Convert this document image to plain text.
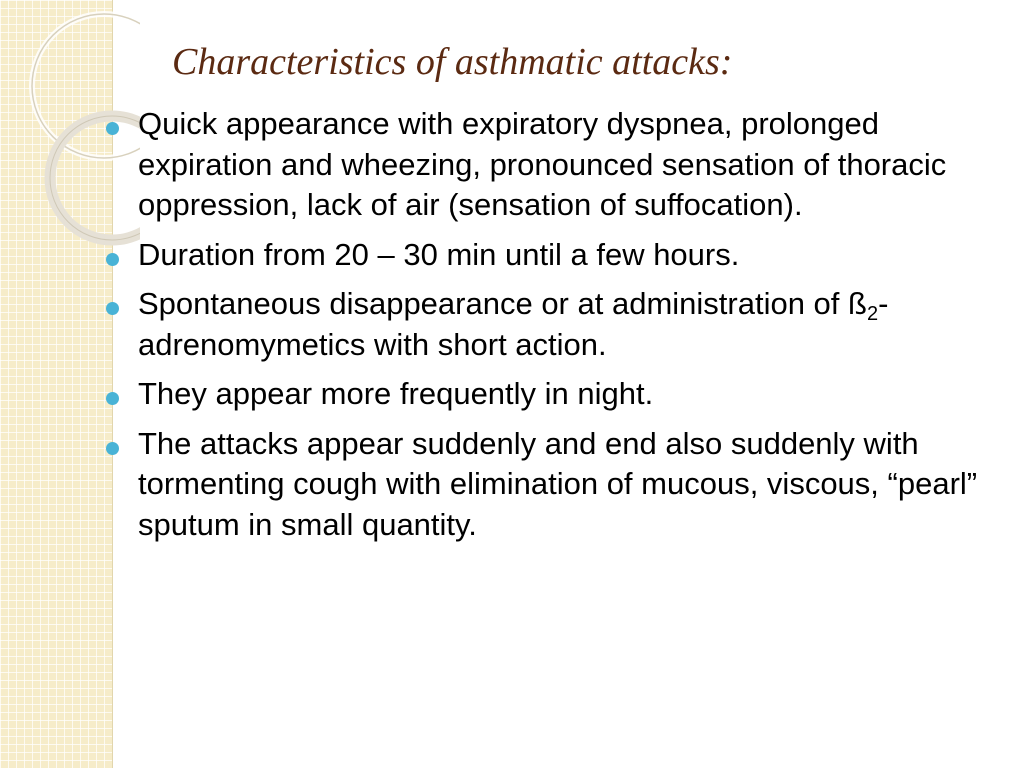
Characteristics of asthmatic attacks:
Quick appearance with expiratory dyspnea, prolonged expiration and wheezing, pronounced sensation of thoracic oppression, lack of air (sensation of suffocation).
Duration from 20 – 30 min until a few hours.
Spontaneous disappearance or at administration of $ß_2$-adrenomymetics with short action.
They appear more frequently in night.
The attacks appear suddenly and end also suddenly with tormenting cough with elimination of mucous, viscous, “pearl” sputum in small quantity.
